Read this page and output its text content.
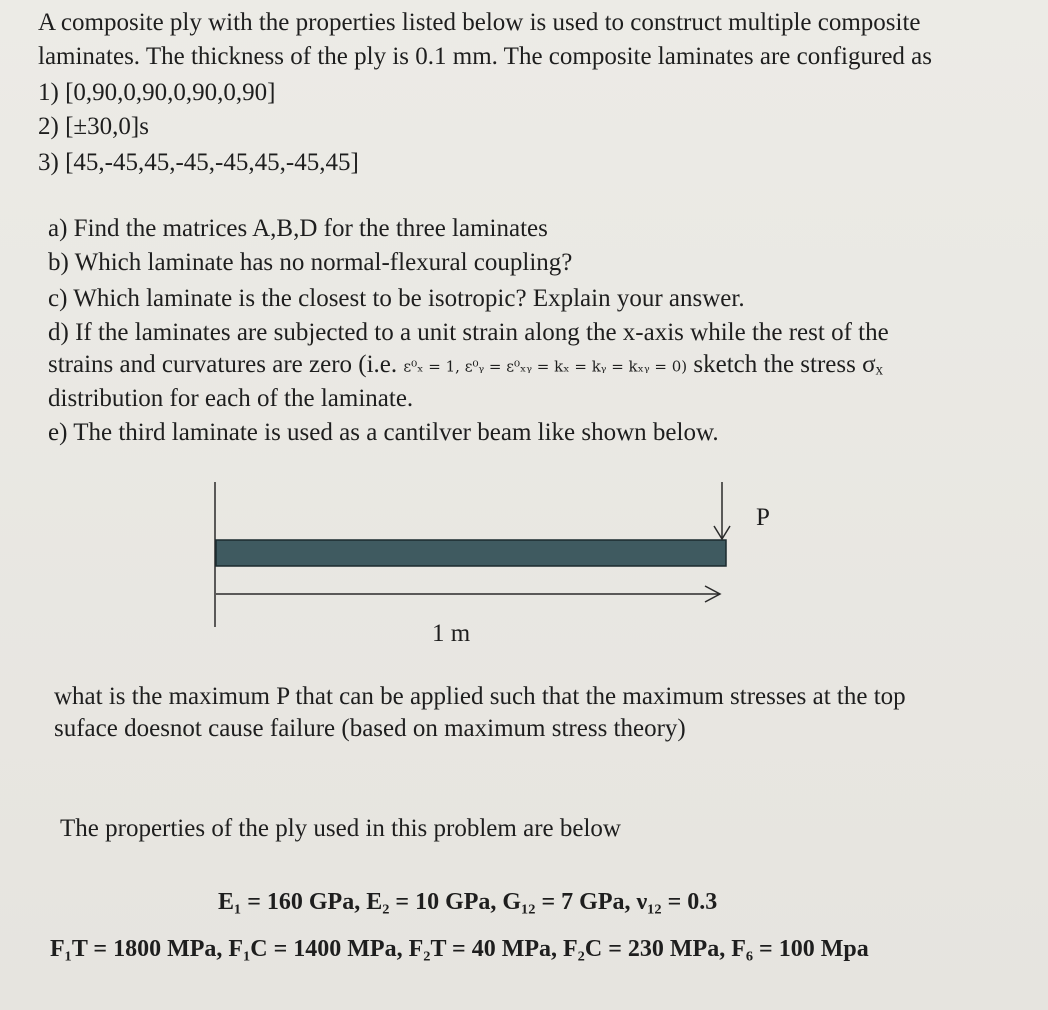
A composite ply with the properties listed below is used to construct multiple composite
laminates. The thickness of the ply is 0.1 mm. The composite laminates are configured as
1) [0,90,0,90,0,90,0,90]
2) [±30,0]s
3) [45,-45,45,-45,-45,45,-45,45]
a) Find the matrices A,B,D for the three laminates
b) Which laminate has no normal-flexural coupling?
c) Which laminate is the closest to be isotropic? Explain your answer.
d) If the laminates are subjected to a unit strain along the x-axis while the rest of the
strains and curvatures are zero (i.e. ε⁰ₓ = 1, ε⁰ᵧ = ε⁰ₓᵧ = kₓ = kᵧ = kₓᵧ = 0) sketch the stress σₓ
distribution for each of the laminate.
e) The third laminate is used as a cantilver beam like shown below.
P
1 m
what is the maximum P that can be applied such that the maximum stresses at the top
suface doesnot cause failure (based on maximum stress theory)
The properties of the ply used in this problem are below
E₁ = 160 GPa, E₂ = 10 GPa, G₁₂ = 7 GPa, ν₁₂ = 0.3
F₁T = 1800 MPa, F₁C = 1400 MPa, F₂T = 40 MPa, F₂C = 230 MPa, F₆ = 100 Mpa
